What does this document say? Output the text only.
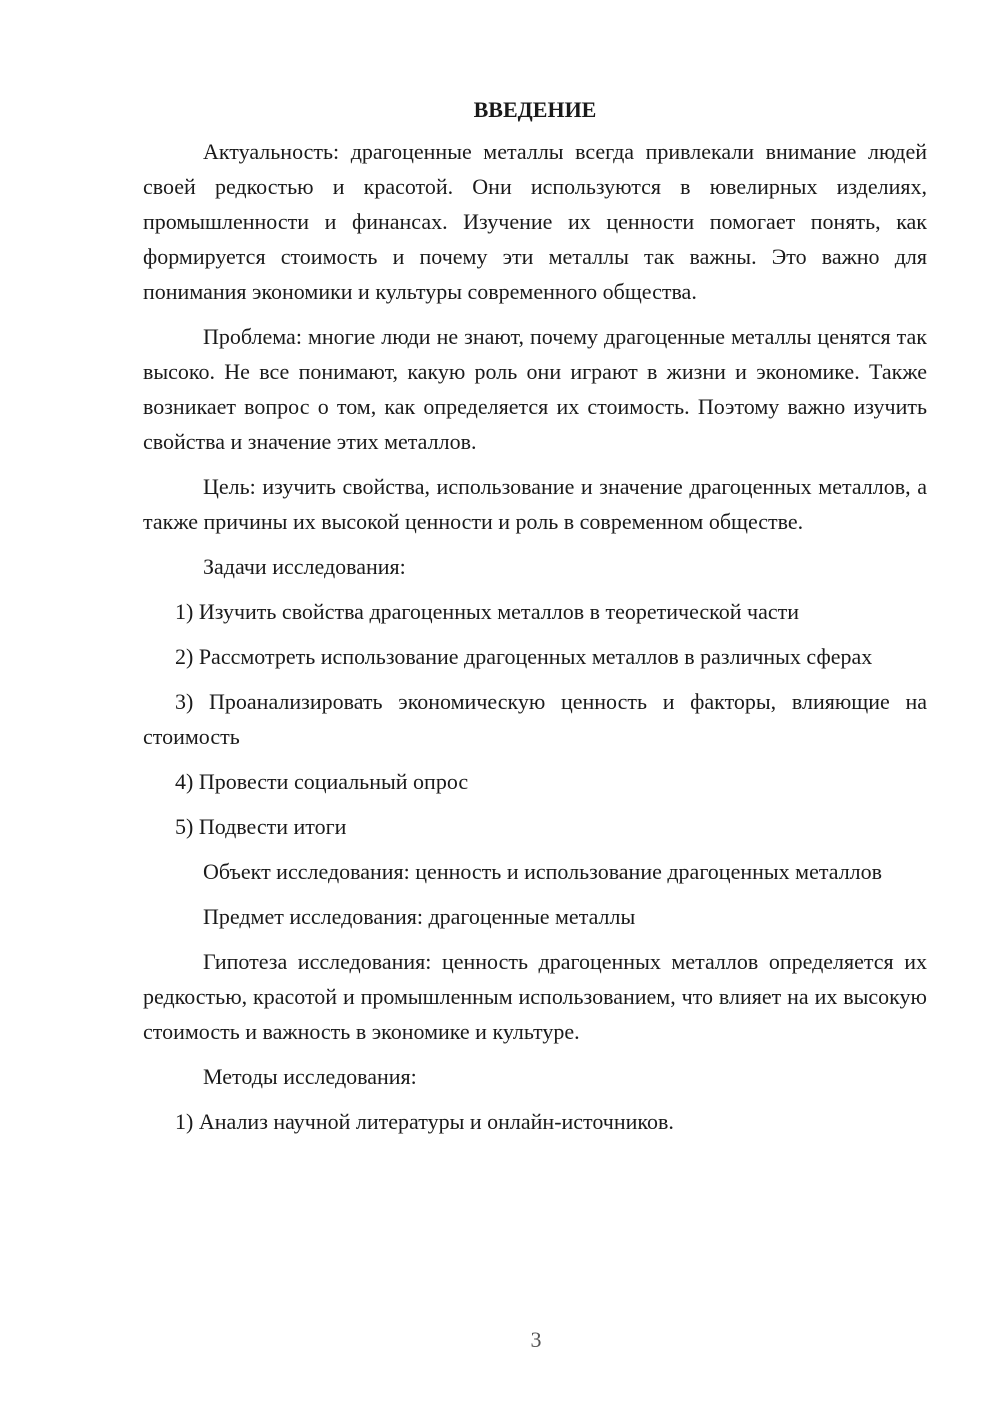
ВВЕДЕНИЕ

Актуальность: драгоценные металлы всегда привлекали внимание людей своей редкостью и красотой. Они используются в ювелирных изделиях, промышленности и финансах. Изучение их ценности помогает понять, как формируется стоимость и почему эти металлы так важны. Это важно для понимания экономики и культуры современного общества.

Проблема: многие люди не знают, почему драгоценные металлы ценятся так высоко. Не все понимают, какую роль они играют в жизни и экономике. Также возникает вопрос о том, как определяется их стоимость. Поэтому важно изучить свойства и значение этих металлов.

Цель: изучить свойства, использование и значение драгоценных металлов, а также причины их высокой ценности и роль в современном обществе.

Задачи исследования:

1) Изучить свойства драгоценных металлов в теоретической части

2) Рассмотреть использование драгоценных металлов в различных сферах

3) Проанализировать экономическую ценность и факторы, влияющие на стоимость

4) Провести социальный опрос

5) Подвести итоги

Объект исследования: ценность и использование драгоценных металлов

Предмет исследования: драгоценные металлы

Гипотеза исследования: ценность драгоценных металлов определяется их редкостью, красотой и промышленным использованием, что влияет на их высокую стоимость и важность в экономике и культуре.

Методы исследования:

1) Анализ научной литературы и онлайн-источников.

3
